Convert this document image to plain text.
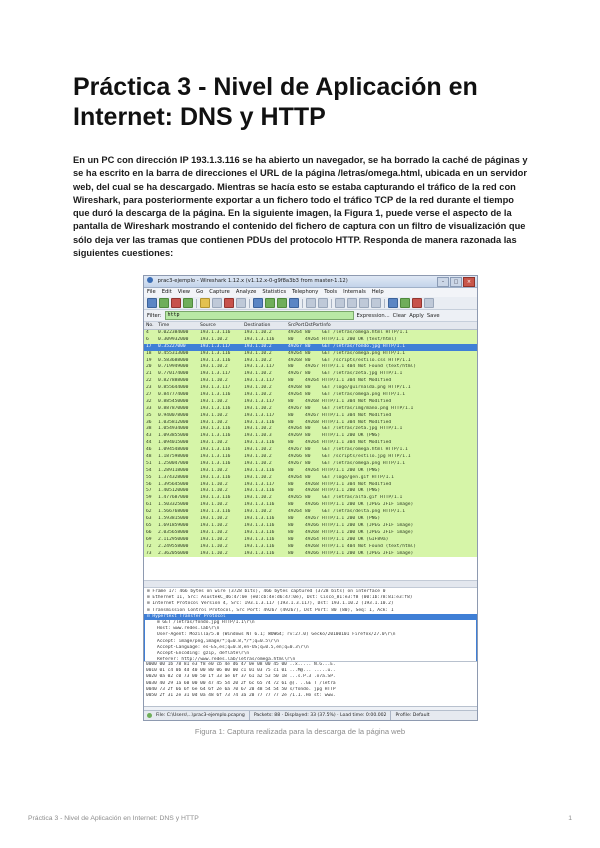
Práctica 3 - Nivel de Aplicación en Internet: DNS y HTTP

En un PC con dirección IP 193.1.3.116 se ha abierto un navegador, se ha borrado la caché de páginas y se ha escrito en la barra de direcciones el URL de la página /letras/omega.html, ubicada en un servidor web, del cual se ha descargado. Mientras se hacía esto se estaba capturando el tráfico de la red con Wireshark, para posteriormente exportar a un fichero todo el tráfico TCP de la red durante el tiempo que duró la descarga de la página. En la siguiente imagen, la Figura 1, puede verse el aspecto de la pantalla de Wireshark mostrando el contenido del fichero de captura con un filtro de visualización que sólo deja ver las tramas que contienen PDUs del protocolo HTTP. Responda de manera razonada las siguientes cuestiones:

prac3-ejemplo - Wireshark 1.12.x (v1.12.x-0-g9f8a3b3 from master-1.12)	–	□	×
File Edit View Go Capture Analyze Statistics Telephony Tools Internals Help
Filter:	http	Expression... Clear Apply Save
No. Time	Source	Destination	SrcPort DstPort Info
4	0.022384000	193.1.3.116	193.1.10.2	49264 80	GET /letras/omega.html HTTP/1.1
6	0.309932000	193.1.10.2	193.1.3.116	80	49264 HTTP/1.1 200 OK (text/html)
17	0.35227000	193.1.3.117	193.1.10.2	49267 80	GET /letras/fondo.jpg HTTP/1.1
18	0.455313000	193.1.3.116	193.1.10.2	49264 80	GET /letras/omega.png HTTP/1.1
19	0.583688000	193.1.3.116	193.1.10.2	49268 80	GET /scripts/estilo.css HTTP/1.1
20	0.719949000	193.1.10.2	193.1.3.117	80	49267 HTTP/1.1 404 Not Found (text/html)
21	0.770174000	193.1.3.117	193.1.10.2	49267 80	GET /letras/zeta.jpg HTTP/1.1
22	0.827888000	193.1.10.2	193.1.3.117	80	49264 HTTP/1.1 304 Not Modified
23	0.855644000	193.1.3.117	193.1.10.2	49268 80	GET /logo/guirnalda.png HTTP/1.1
27	0.847774000	193.1.3.116	193.1.10.2	49264 80	GET /letras/omega.png HTTP/1.1
32	0.885450000	193.1.10.2	193.1.3.117	80	49268 HTTP/1.1 304 Not Modified
33	0.887870000	193.1.3.116	193.1.10.2	49267 80	GET /letras/img/mano.png HTTP/1.1
35	0.940078000	193.1.10.2	193.1.3.117	80	49267 HTTP/1.1 304 Not Modified
36	1.035812000	193.1.10.2	193.1.3.116	80	49268 HTTP/1.1 304 Not Modified
38	1.054934000	193.1.3.116	193.1.10.2	49264 80	GET /letras/zeta.jpg HTTP/1.1
43	1.093855000	193.1.3.116	193.1.10.3	49269 80	HTTP/1.1 200 OK (PNG)
44	1.094015000	193.1.10.2	193.1.3.116	80	49264 HTTP/1.1 304 Not Modified
46	1.094548000	193.1.3.116	193.1.10.2	49267 80	GET /letras/omega.html HTTP/1.1
48	1.187598000	193.1.3.116	193.1.10.2	49266 80	GET /scripts/estilo.jpg HTTP/1.1
51	1.250047000	193.1.3.116	193.1.10.2	49267 80	GET /letras/omega.png HTTP/1.1
54	1.289118000	193.1.10.2	193.1.3.116	80	49264 HTTP/1.1 200 OK (PNG)
55	1.374328000	193.1.3.116	193.1.10.2	49264 80	GET /logo/gen.gif HTTP/1.1
56	1.395645000	193.1.10.2	193.1.3.117	80	49268 HTTP/1.1 304 Not Modified
57	1.405120000	193.1.10.2	193.1.3.116	80	49268 HTTP/1.1 200 OK (PNG)
59	1.477687000	193.1.3.116	193.1.10.2	49265 80	GET /letras/alfa.gif HTTP/1.1
61	1.503325000	193.1.10.2	193.1.3.116	80	49266 HTTP/1.1 200 OK (JPEG JFIF image)
62	1.566768000	193.1.3.116	193.1.10.2	49264 80	GET /letras/delta.png HTTP/1.1
63	1.593815000	193.1.10.2	193.1.3.116	80	49267 HTTP/1.1 200 OK (PNG)
65	1.691859000	193.1.10.2	193.1.3.116	80	49266 HTTP/1.1 200 OK (JPEG JFIF image)
66	2.035658000	193.1.10.2	193.1.3.116	80	49268 HTTP/1.1 200 OK (JPEG JFIF image)
69	2.112950000	193.1.10.2	193.1.3.116	80	49264 HTTP/1.1 200 OK (GIF89a)
72	2.249558000	193.1.10.2	193.1.3.116	80	49268 HTTP/1.1 404 Not Found (text/html)
73	2.362056000	193.1.10.2	193.1.3.116	80	49266 HTTP/1.1 200 OK (JPEG JFIF image)
⊞ Frame 17: 466 bytes on wire (3728 bits), 466 bytes captured (3728 bits) on interface 0
⊞ Ethernet II, Src: AsustekC_d6:47:0e (e0:cb:4e:d6:47:0e), Dst: Cisco_81:e3:f8 (00:1b:78:81:e3:f8)
⊞ Internet Protocol Version 4, Src: 193.1.3.117 (193.1.3.117), Dst: 193.1.10.2 (193.1.10.2)
⊞ Transmission Control Protocol, Src Port: 49267 (49267), Dst Port: 80 (80), Seq: 1, Ack: 1
⊟ Hypertext Transfer Protocol
⊞ GET /letras/fondo.jpg HTTP/1.1\r\n
Host: www.redes.lab\r\n
User-Agent: Mozilla/5.0 (Windows NT 6.1; WOW64; rv:27.0) Gecko/20100101 Firefox/27.0\r\n
Accept: image/png,image/*;q=0.8,*/*;q=0.5\r\n
Accept-Language: es-ES,es;q=0.8,en-US;q=0.5,en;q=0.3\r\n
Accept-Encoding: gzip, deflate\r\n
Referer: http://www.redes.lab/letras/omega.html\r\n
0000 00 1b 78 81 e3 f8 e0 cb 4e d6 47 0e 08 00 45 00 ..x..... N.G...E.
0010 01 c4 0b 4d 40 00 80 06 00 00 c1 01 03 75 c1 01 ...M@... .....u..
0020 0a 02 c0 73 00 50 1f 33 ae 6f 37 61 a2 53 50 18 ...s.P.3 .o7a.SP.
0030 40 29 1a 60 00 00 47 45 54 20 2f 6c 65 74 72 61 @).`..GE T /letra
0040 73 2f 66 6f 6e 64 6f 2e 6a 70 67 20 48 54 54 50 s/fondo. jpg HTTP
0050 2f 31 2e 31 0d 0a 48 6f 73 74 3a 20 77 77 77 2e /1.1..Ho st: www.
File: C:\Users\...\prac3-ejemplo.pcapng Packets: 88 · Displayed: 33 (37.5%) · Load time: 0:00.002 Profile: Default

Figura 1: Captura realizada para la descarga de la página web

Práctica 3 - Nivel de Aplicación en Internet: DNS y HTTP	1
